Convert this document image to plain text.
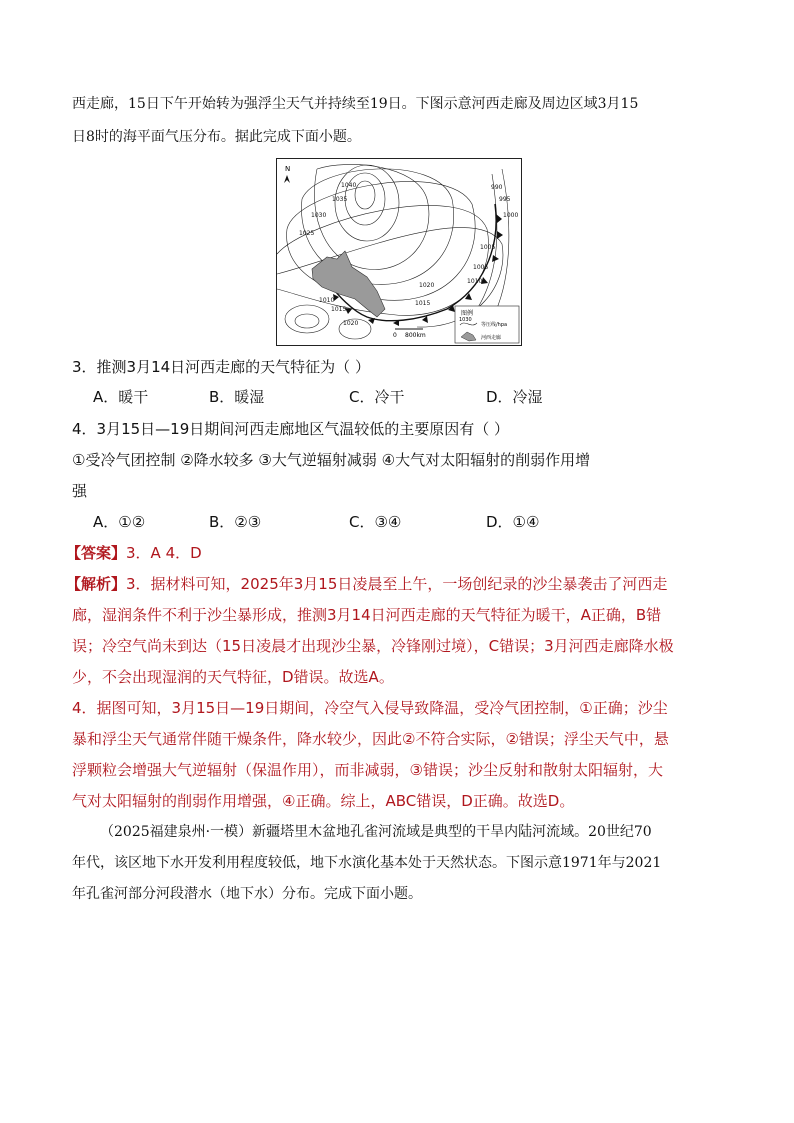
西走廊，15日下午开始转为强浮尘天气并持续至19日。下图示意河西走廊及周边区域3月15
日8时的海平面气压分布。据此完成下面小题。
N
1040
1035
1030
1025
1020
1015
1010
1015
1020
1005
1000
995
990
1005
1010
0 800km
图例
1030
等压线/hpa
河西走廊
3．推测3月14日河西走廊的天气特征为（ ）
A．暖干	B．暖湿	C．冷干	D．冷湿
4．3月15日—19日期间河西走廊地区气温较低的主要原因有（ ）
①受冷气团控制 ②降水较多 ③大气逆辐射减弱 ④大气对太阳辐射的削弱作用增
强
A．①②	B．②③	C．③④	D．①④
【答案】3．A 4．D
【解析】3．据材料可知，2025年3月15日凌晨至上午，一场创纪录的沙尘暴袭击了河西走
廊，湿润条件不利于沙尘暴形成，推测3月14日河西走廊的天气特征为暖干，A正确，B错
误；冷空气尚未到达（15日凌晨才出现沙尘暴，冷锋刚过境），C错误；3月河西走廊降水极
少，不会出现湿润的天气特征，D错误。故选A。
4．据图可知，3月15日—19日期间，冷空气入侵导致降温，受冷气团控制，①正确；沙尘
暴和浮尘天气通常伴随干燥条件，降水较少，因此②不符合实际，②错误；浮尘天气中，悬
浮颗粒会增强大气逆辐射（保温作用），而非减弱，③错误；沙尘反射和散射太阳辐射，大
气对太阳辐射的削弱作用增强，④正确。综上，ABC错误，D正确。故选D。
（2025福建泉州·一模）新疆塔里木盆地孔雀河流域是典型的干旱内陆河流域。20世纪70
年代，该区地下水开发利用程度较低，地下水演化基本处于天然状态。下图示意1971年与2021
年孔雀河部分河段潜水（地下水）分布。完成下面小题。
